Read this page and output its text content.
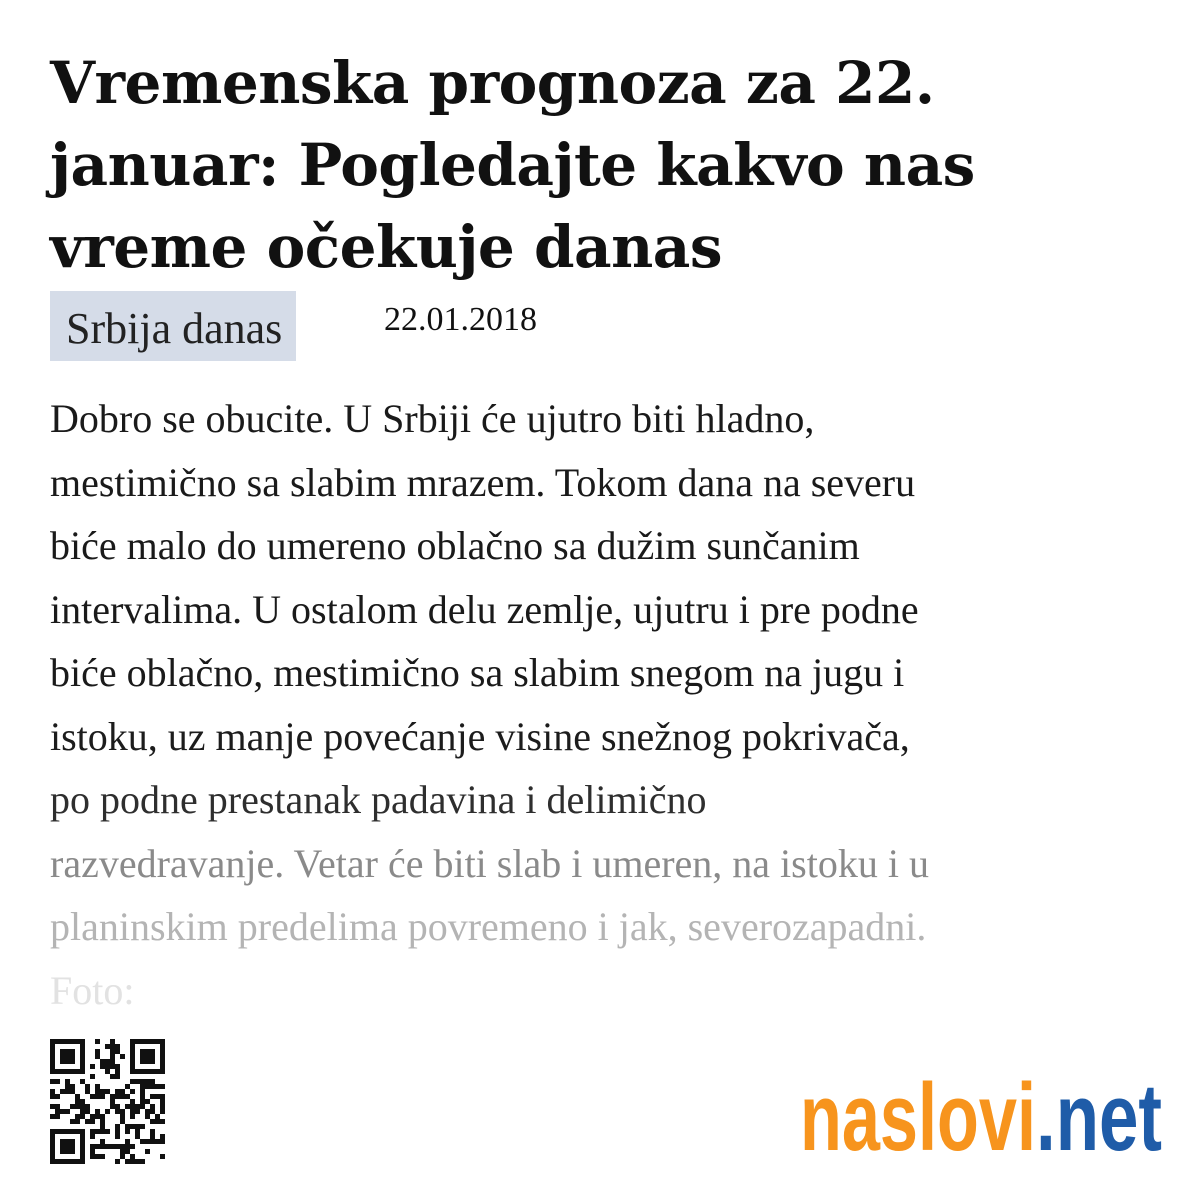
Vremenska prognoza za 22. januar: Pogledajte kakvo nas vreme očekuje danas
Srbija danas	22.01.2018

Dobro se obucite. U Srbiji će ujutro biti hladno,
mestimično sa slabim mrazem. Tokom dana na severu
biće malo do umereno oblačno sa dužim sunčanim
intervalima. U ostalom delu zemlje, ujutru i pre podne
biće oblačno, mestimično sa slabim snegom na jugu i
istoku, uz manje povećanje visine snežnog pokrivača,
po podne prestanak padavina i delimično
razvedravanje. Vetar će biti slab i umeren, na istoku i u
planinskim predelima povremeno i jak, severozapadni.
Foto:

naslovi .net
